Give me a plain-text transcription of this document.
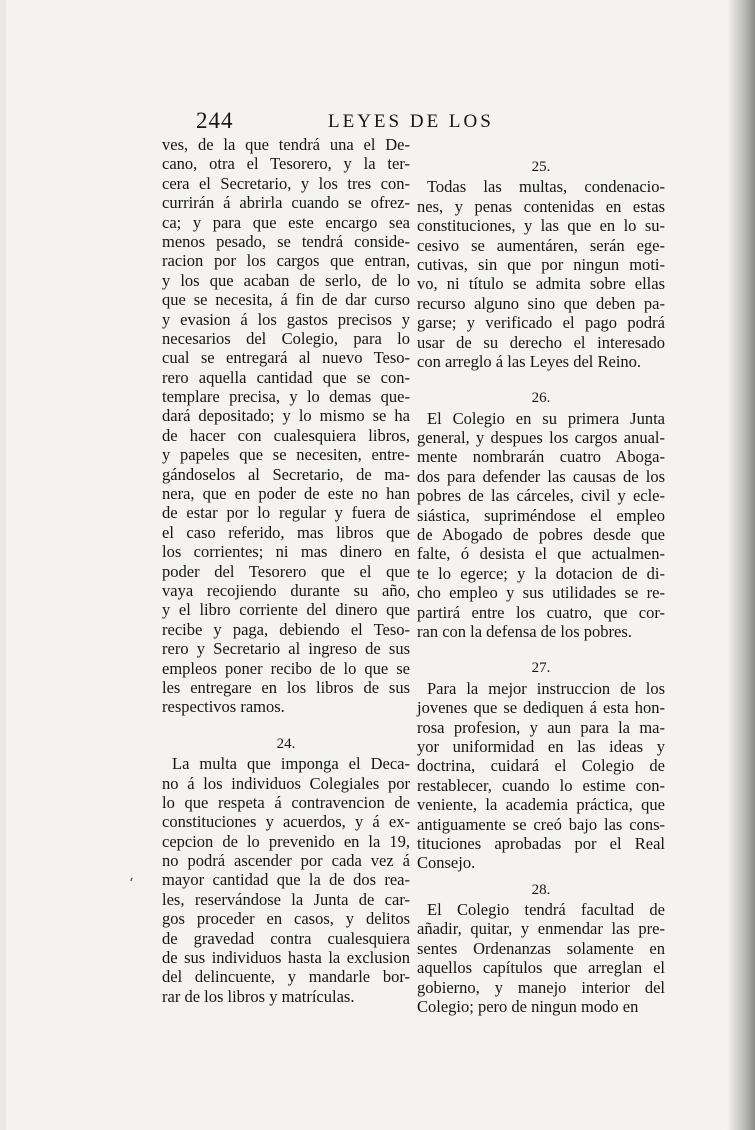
244	LEYES DE LOS
ves, de la que tendrá una el De-
cano, otra el Tesorero, y la ter-
cera el Secretario, y los tres con-
currirán á abrirla cuando se ofrez-
ca; y para que este encargo sea
menos pesado, se tendrá conside-
racion por los cargos que entran,
y los que acaban de serlo, de lo
que se necesita, á fin de dar curso
y evasion á los gastos precisos y
necesarios del Colegio, para lo
cual se entregará al nuevo Teso-
rero aquella cantidad que se con-
templare precisa, y lo demas que-
dará depositado; y lo mismo se ha
de hacer con cualesquiera libros,
y papeles que se necesiten, entre-
gándoselos al Secretario, de ma-
nera, que en poder de este no han
de estar por lo regular y fuera de
el caso referido, mas libros que
los corrientes; ni mas dinero en
poder del Tesorero que el que
vaya recojiendo durante su año,
y el libro corriente del dinero que
recibe y paga, debiendo el Teso-
rero y Secretario al ingreso de sus
empleos poner recibo de lo que se
les entregare en los libros de sus
respectivos ramos.
24.
La multa que imponga el Deca-
no á los individuos Colegiales por
lo que respeta á contravencion de
constituciones y acuerdos, y á ex-
cepcion de lo prevenido en la 19,
no podrá ascender por cada vez á
mayor cantidad que la de dos rea-
les, reservándose la Junta de car-
gos proceder en casos, y delitos
de gravedad contra cualesquiera
de sus individuos hasta la exclusion
del delincuente, y mandarle bor-
rar de los libros y matrículas.
25.
Todas las multas, condenacio-
nes, y penas contenidas en estas
constituciones, y las que en lo su-
cesivo se aumentáren, serán ege-
cutivas, sin que por ningun moti-
vo, ni título se admita sobre ellas
recurso alguno sino que deben pa-
garse; y verificado el pago podrá
usar de su derecho el interesado
con arreglo á las Leyes del Reino.
26.
El Colegio en su primera Junta
general, y despues los cargos anual-
mente nombrarán cuatro Aboga-
dos para defender las causas de los
pobres de las cárceles, civil y ecle-
siástica, supriméndose el empleo
de Abogado de pobres desde que
falte, ó desista el que actualmen-
te lo egerce; y la dotacion de di-
cho empleo y sus utilidades se re-
partirá entre los cuatro, que cor-
ran con la defensa de los pobres.
27.
Para la mejor instruccion de los
jovenes que se dediquen á esta hon-
rosa profesion, y aun para la ma-
yor uniformidad en las ideas y
doctrina, cuidará el Colegio de
restablecer, cuando lo estime con-
veniente, la academia práctica, que
antiguamente se creó bajo las cons-
tituciones aprobadas por el Real
Consejo.
28.
El Colegio tendrá facultad de
añadir, quitar, y enmendar las pre-
sentes Ordenanzas solamente en
aquellos capítulos que arreglan el
gobierno, y manejo interior del
Colegio; pero de ningun modo en
‘
